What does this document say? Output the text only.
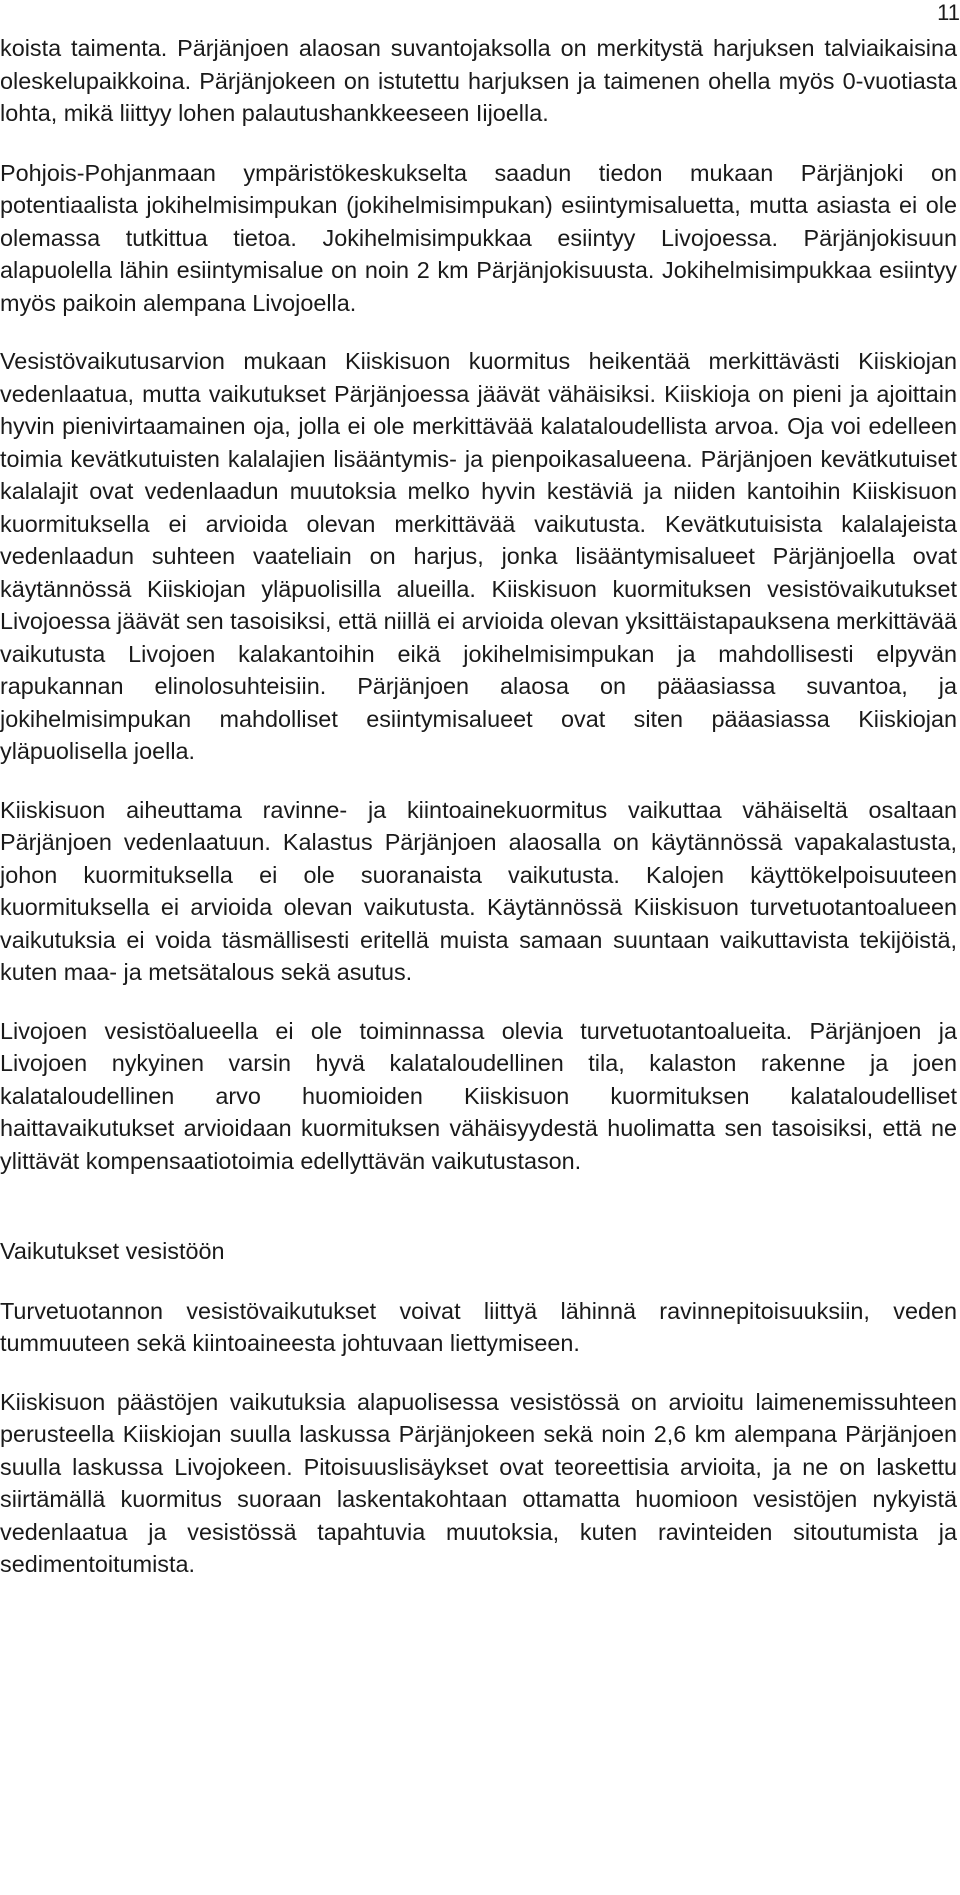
11

koista taimenta. Pärjänjoen alaosan suvantojaksolla on merkitystä harjuksen talviaikaisina oleskelupaikkoina. Pärjänjokeen on istutettu harjuksen ja taimenen ohella myös 0-vuotiasta lohta, mikä liittyy lohen palautushankkeeseen Iijoella.

Pohjois-Pohjanmaan ympäristökeskukselta saadun tiedon mukaan Pärjänjoki on potentiaalista jokihelmisimpukan (jokihelmisimpukan) esiintymisaluetta, mutta asiasta ei ole olemassa tutkittua tietoa. Jokihelmisimpukkaa esiintyy Livojoessa. Pärjänjokisuun alapuolella lähin esiintymisalue on noin 2 km Pärjänjokisuusta. Jokihelmisimpukkaa esiintyy myös paikoin alempana Livojoella.

Vesistövaikutusarvion mukaan Kiiskisuon kuormitus heikentää merkittävästi Kiiskiojan vedenlaatua, mutta vaikutukset Pärjänjoessa jäävät vähäisiksi. Kiiskioja on pieni ja ajoittain hyvin pienivirtaamainen oja, jolla ei ole merkittävää kalataloudellista arvoa. Oja voi edelleen toimia kevätkutuisten kalalajien lisääntymis- ja pienpoikasalueena. Pärjänjoen kevätkutuiset kalalajit ovat vedenlaadun muutoksia melko hyvin kestäviä ja niiden kantoihin Kiiskisuon kuormituksella ei arvioida olevan merkittävää vaikutusta. Kevätkutuisista kalalajeista vedenlaadun suhteen vaateliain on harjus, jonka lisääntymisalueet Pärjänjoella ovat käytännössä Kiiskiojan yläpuolisilla alueilla. Kiiskisuon kuormituksen vesistövaikutukset Livojoessa jäävät sen tasoisiksi, että niillä ei arvioida olevan yksittäistapauksena merkittävää vaikutusta Livojoen kalakantoihin eikä jokihelmisimpukan ja mahdollisesti elpyvän rapukannan elinolosuhteisiin. Pärjänjoen alaosa on pääasiassa suvantoa, ja jokihelmisimpukan mahdolliset esiintymisalueet ovat siten pääasiassa Kiiskiojan yläpuolisella joella.

Kiiskisuon aiheuttama ravinne- ja kiintoainekuormitus vaikuttaa vähäiseltä osaltaan Pärjänjoen vedenlaatuun. Kalastus Pärjänjoen alaosalla on käytännössä vapakalastusta, johon kuormituksella ei ole suoranaista vaikutusta. Kalojen käyttökelpoisuuteen kuormituksella ei arvioida olevan vaikutusta. Käytännössä Kiiskisuon turvetuotantoalueen vaikutuksia ei voida täsmällisesti eritellä muista samaan suuntaan vaikuttavista tekijöistä, kuten maa- ja metsätalous sekä asutus.

Livojoen vesistöalueella ei ole toiminnassa olevia turvetuotantoalueita. Pärjänjoen ja Livojoen nykyinen varsin hyvä kalataloudellinen tila, kalaston rakenne ja joen kalataloudellinen arvo huomioiden Kiiskisuon kuormituksen kalataloudelliset haittavaikutukset arvioidaan kuormituksen vähäisyydestä huolimatta sen tasoisiksi, että ne ylittävät kompensaatiotoimia edellyttävän vaikutustason.

Vaikutukset vesistöön

Turvetuotannon vesistövaikutukset voivat liittyä lähinnä ravinnepitoisuuksiin, veden tummuuteen sekä kiintoaineesta johtuvaan liettymiseen.

Kiiskisuon päästöjen vaikutuksia alapuolisessa vesistössä on arvioitu laimenemissuhteen perusteella Kiiskiojan suulla laskussa Pärjänjokeen sekä noin 2,6 km alempana Pärjänjoen suulla laskussa Livojokeen. Pitoisuuslisäykset ovat teoreettisia arvioita, ja ne on laskettu siirtämällä kuormitus suoraan laskentakohtaan ottamatta huomioon vesistöjen nykyistä vedenlaatua ja vesistössä tapahtuvia muutoksia, kuten ravinteiden sitoutumista ja sedimentoitumista.
